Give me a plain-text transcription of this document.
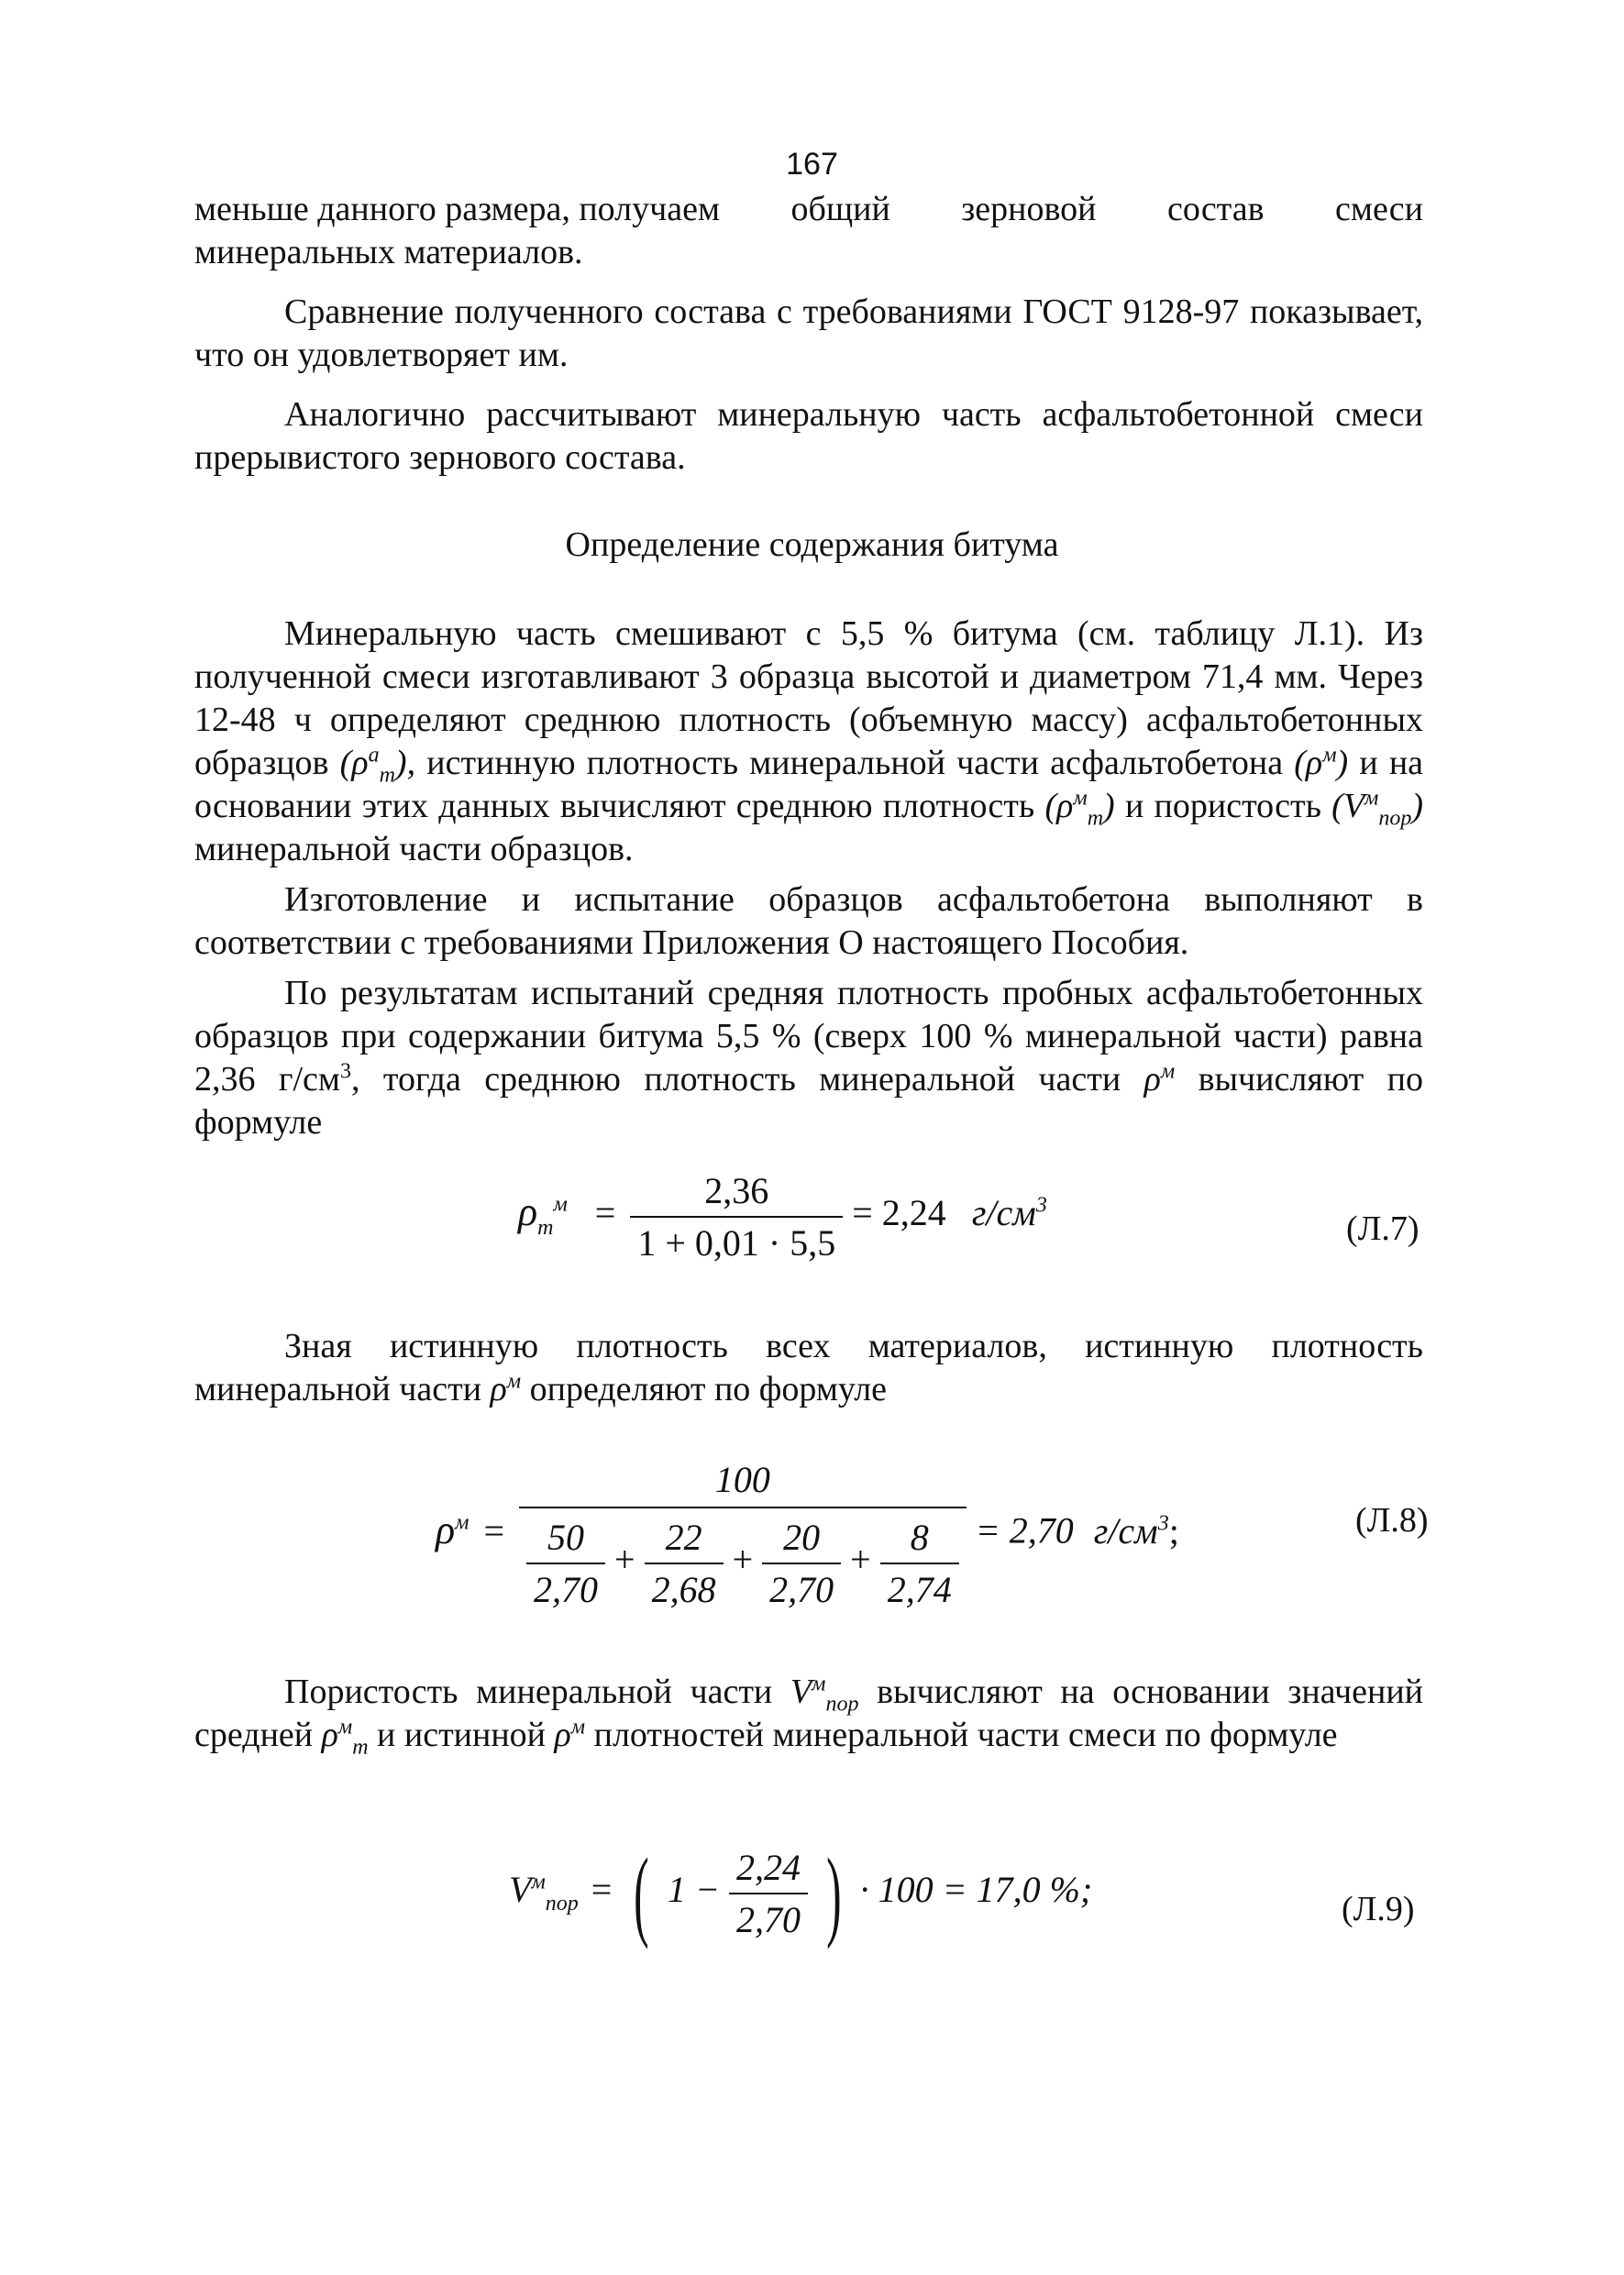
167
меньше данного размера, получаем общий зерновой состав смеси

минеральных материалов.

Сравнение полученного состава с требованиями ГОСТ 9128-97 показывает, что он удовлетворяет им.

Аналогично рассчитывают минеральную часть асфальтобетонной смеси прерывистого зернового состава.

Определение содержания битума

Минеральную часть смешивают с 5,5 % битума (см. таблицу Л.1). Из полученной смеси изготавливают 3 образца высотой и диаметром 71,4 мм. Через 12-48 ч определяют среднюю плотность (объемную массу) асфальтобетонных образцов $(\rho^a_m)$, истинную плотность минеральной части асфальтобетона $(\rho^м)$ и на основании этих данных вычисляют среднюю плотность $(\rho^м_m)$ и пористость $(V^м_{пор})$ минеральной части образцов.

Изготовление и испытание образцов асфальтобетона выполняют в соответствии с требованиями Приложения О настоящего Пособия.

По результатам испытаний средняя плотность пробных асфальтобетонных образцов при содержании битума 5,5 % (сверх 100 % минеральной части) равна 2,36 $г/см^3$, тогда среднюю плотность минеральной части $\rho^м$ вычисляют по формуле

$\rho_m^м = \frac{2,36}{1 + 0,01 \cdot 5,5} = 2,24$ $г/см^3$
(Л.7)

Зная истинную плотность всех материалов, истинную плотность минеральной части $\rho^м$ определяют по формуле

$\rho^м$ =
100
$\frac{50}{2,70} + \frac{22}{2,68} + \frac{20}{2,70} + \frac{8}{2,74} = 2,70$ $г/см^3$;	(Л.8)

Пористость минеральной части $V^м_{пор}$ вычисляют на основании значений средней $\rho^м_m$ и истинной $\rho^м$ плотностей минеральной части смеси по формуле

$V^м_{пор}$ = ( $1 - \frac{2,24}{2,70}$ ) · 100 = 17,0 %;	(Л.9)
